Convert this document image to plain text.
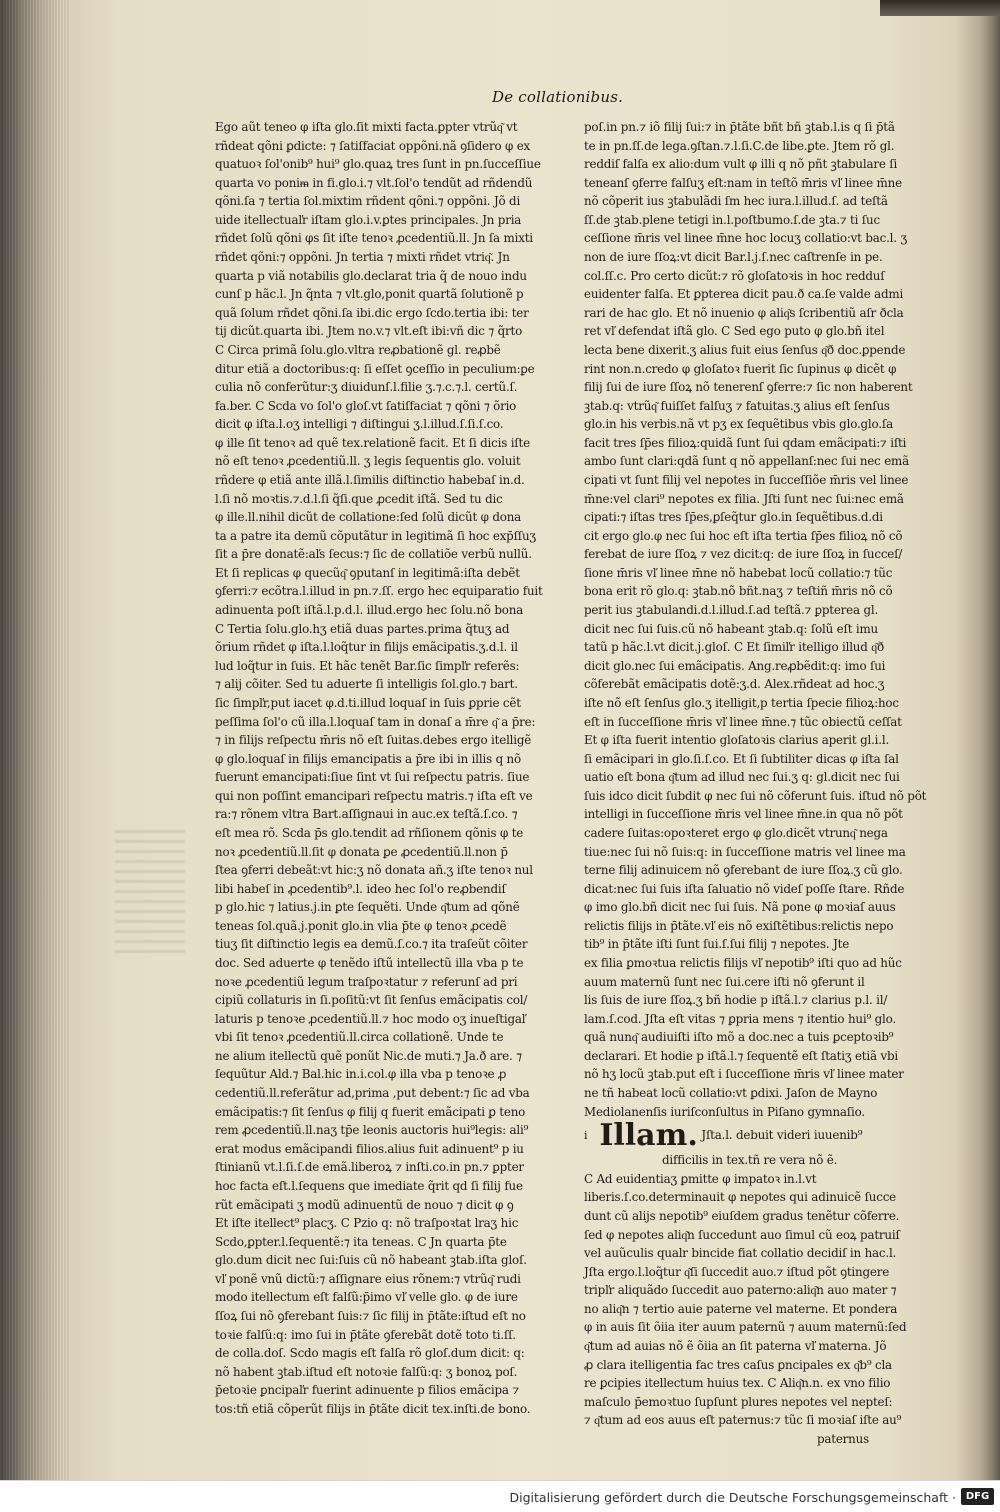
De collationibus.
Ego aũt teneo φ iſta glo.ſit mixti facta.ꝑpter vtrũq͂ vt
rñdeat qõni ꝑdicte: ⁊ ſatiſfaciat oppõni.nã ꝯſidero φ ex
quatuoꝛ ſol'onib⁹ hui⁹ glo.quaꝝ tres ſunt in pn.ſucceſſiue
quarta vo poniᵯ in fi.glo.i.⁊ vlt.ſol'o tendũt ad rñdendũ
qõni.ſa ⁊ tertia ſol.mixtim rñdent qõni.⁊ oppõni. Jõ di
uide itellectuaľr iſtam glo.i.v.ꝑtes principales. Jn pria
rñdet ſolũ qõni φs ſit iſte tenoꝛ ꝓcedentiũ.ll. Jn ſa mixti
rñdet qõni:⁊ oppõni. Jn tertia ⁊ mixti rñdet vtriq͂. Jn
quarta p viã notabilis glo.declarat tria q̃ de nouo indu
cunſ p hãc.l. Jn q̃nta ⁊ vlt.glo,ponit quartã ſolutionẽ p
quã ſolum rñdet qõni.ſa ibi.dic ergo ſcdo.tertia ibi: ter
tij dicũt.quarta ibi. Jtem no.v.⁊ vlt.eſt ibi:vñ dic ⁊ q̃rto
C Circa primã ſolu.glo.vltra reꝓbationẽ gl. reꝓbẽ
ditur etiã a doctoribus:q: ſi eſſet ꝯceſſio in peculium:ꝑe
culia nõ conferũtur:ʒ diuidunſ.l.filie ʒ.⁊.c.⁊.l. certũ.ſ.
fa.ber. C Scda vo ſol'o gloſ.vt ſatiſfaciat ⁊ qõni ⁊ õrio
dicit φ iſta.l.oʒ intelligi ⁊ diſtingui ʒ.l.illud.ſ.ſi.ſ.co.
φ ille ſit tenoꝛ ad quẽ tex.relationẽ facit. Et ſi dicis iſte
nõ eſt tenoꝛ ꝓcedentiũ.ll. ʒ legis ſequentis glo. voluit
rñdere φ etiã ante illã.l.ſimilis diſtinctio habebaſ in.d.
l.ſi nõ moꝛtis.⁊.d.l.ſi q̃ſi.que ꝓcedit iſtã. Sed tu dic
φ ille.ll.nihil dicũt de collatione:ſed ſolũ dicũt φ dona
ta a patre ita demũ cõputãtur in legitimã ſi hoc exp̄ſſuʒ
ſit a p̄re donatẽ:aľs ſecus:⁊ ſic de collatiõe verbũ nullũ.
Et ſi replicas φ quecũq͂ ꝯputanſ in legitimã:iſta debẽt
ꝯferri:⁊ ecõtra.l.illud in pn.⁊.ſſ. ergo hec equiparatio fuit
adinuenta poſt iſtã.l.p.d.l. illud.ergo hec ſolu.nõ bona
C Tertia ſolu.glo.hʒ etiã duas partes.prima q̃tuʒ ad
õrium rñdet φ iſta.l.loq̃tur in filijs emãcipatis.ʒ.d.l. il
lud loq̃tur in ſuis. Et hãc tenẽt Bar.ſic ſimpľr referẽs:
⁊ alij cõiter. Sed tu aduerte ſi intelligis ſol.glo.⁊ bart.
ſic ſimpľr,put iacet φ.d.ti.illud loquaſ in ſuis ꝑprie cẽt
peſſima ſol'o cũ illa.l.loquaſ tam in donaſ a m̄re q͂ a p̄re:
⁊ in filijs reſpectu m̄ris nõ eſt ſuitas.debes ergo itelligẽ
φ glo.loquaſ in filijs emancipatis a p̄re ibi in illis q nõ
fuerunt emancipati:ſiue ſint vt ſui reſpectu patris. ſiue
qui non poſſint emancipari reſpectu matris.⁊ iſta eſt ve
ra:⁊ rõnem vltra Bart.aſſignaui in auc.ex teſtã.ſ.co. ⁊
eſt mea rõ. Scda p̄s glo.tendit ad rñſionem qõnis φ te
noꝛ ꝓcedentiũ.ll.ſit φ donata ꝑe ꝓcedentiũ.ll.non p̄
ſtea ꝯferri debeãt:vt hic:ʒ nõ donata añ.ʒ iſte tenoꝛ nul
libi habeſ in ꝓcedentib⁹.l. ideo hec ſol'o reꝓbendiſ
p glo.hic ⁊ latius.j.in ꝑte ſequẽti. Unde q͂tum ad qõnẽ
teneas ſol.quã.j.ponit glo.in vlia p̄te φ tenoꝛ ꝓcedẽ
tiuʒ ſit diſtinctio legis ea demũ.ſ.co.⁊ ita traſeũt cõiter
doc. Sed aduerte φ tenẽdo iſtũ intellectũ illa vba p te
noꝛe ꝓcedentiũ legum traſpoꝛtatur ⁊ referunſ ad pri
cipiũ collaturis in ſi.poſitũ:vt ſit ſenſus emãcipatis col/
laturis p tenoꝛe ꝓcedentiũ.ll.⁊ hoc modo oʒ inueſtigaľ
vbi ſit tenoꝛ ꝓcedentiũ.ll.circa collationẽ. Unde te
ne alium itellectũ quẽ ponũt Nic.de muti.⁊ Ja.ð are. ⁊
ſequũtur Ald.⁊ Bal.hic in.i.col.φ illa vba p tenoꝛe ꝓ
cedentiũ.ll.referãtur ad,prima ,put debent:⁊ ſic ad vba
emãcipatis:⁊ ſit ſenſus φ filij q fuerit emãcipati ꝑ teno
rem ꝓcedentiũ.ll.naʒ tp̄e leonis auctoris hui⁹legis: ali⁹
erat modus emãcipandi filios.alius fuit adinuent⁹ p iu
ſtinianũ vt.l.ſi.ſ.de emã.liberoꝝ ⁊ inſti.co.in pn.⁊ ꝑpter
hoc facta eſt.l.ſequens que imediate q̃rit qd ſi filij fue
rũt emãcipati ʒ modũ adinuentũ de nouo ⁊ dicit φ ꝯ
Et iſte itellect⁹ placʒ. C Pzio q: nõ traſpoꝛtat lraʒ hic
Scdo,ꝑpter.l.ſequentẽ:⁊ ita teneas. C Jn quarta p̄te
glo.dum dicit nec ſui:ſuis cũ nõ habeant ꝫtab.iſta gloſ.
vľ ponẽ vnũ dictũ:⁊ aſſignare eius rõnem:⁊ vtrũq͂ rudi
modo itellectum eſt falſũ:p̄imo vľ velle glo. φ de iure
ſſoꝝ ſui nõ ꝯferebant ſuis:⁊ ſic filij in p̄tãte:iſtud eſt no
toꝛie falſũ:q: imo ſui in p̄tãte ꝯferebãt dotẽ toto ti.ſſ.
de colla.doſ. Scdo magis eſt falſa rõ gloſ.dum dicit: q:
nõ habent ꝫtab.iſtud eſt notoꝛie falſũ:q: ʒ bonoꝝ poſ.
p̄etoꝛie ꝑncipaľr fuerint adinuente p filios emãcipa ⁊
tos:tñ etiã cõperũt filijs in p̄tãte dicit tex.inſti.de bono.
poſ.in pn.⁊ iõ filij ſui:⁊ in p̄tãte bñt bñ ꝫtab.l.is q ſi p̄tã
te in pn.ſſ.de lega.ꝯſtan.⁊.l.ſi.C.de libe.ꝑte. Jtem rõ gl.
reddiſ falſa ex alio:dum vult φ illi q nõ pñt ꝫtabulare ſi
teneanſ ꝯferre falſuʒ eſt:nam in teſtõ m̄ris vľ linee m̄ne
nõ cõperit ius ꝫtabulãdi ſm hec iura.l.illud.ſ. ad teſtã
ſſ.de ꝫtab.plene tetigi in.l.poſtbumo.ſ.de ꝫta.⁊ ti ſuc
ceſſione m̄ris vel linee m̄ne hoc locuʒ collatio:vt bac.l. ʒ
non de iure ſſoꝝ:vt dicit Bar.l.j.ſ.nec caſtrenſe in pe.
col.ſſ.c. Pro certo dicũt:⁊ rõ gloſatoꝛis in hoc redduſ
euidenter falſa. Et ꝑpterea dicit pau.ð ca.ſe valde admi
rari de hac glo. Et nõ inuenio φ aliq͂s ſcribentiũ aſr ðcla
ret vľ defendat iſtã glo. C Sed ego puto φ glo.bñ itel
lecta bene dixerit.ʒ alius fuit eius ſenſus q͂ð doc.ꝑpende
rint non.n.credo φ gloſatoꝛ fuerit ſic ſupinus φ dicẽt φ
filij ſui de iure ſſoꝝ nõ tenerenſ ꝯferre:⁊ ſic non haberent
ꝫtab.q: vtrũq͂ fuiſſet falſuʒ ⁊ fatuitas.ʒ alius eſt ſenſus
glo.in his verbis.nã vt pʒ ex ſequẽtibus vbis glo.glo.ſa
facit tres ſp̄es filioꝝ:quidã ſunt ſui qdam emãcipati:⁊ iſti
ambo ſunt clari:qdã ſunt q nõ appellanſ:nec ſui nec emã
cipati vt ſunt filij vel nepotes in ſucceſſiõe m̄ris vel linee
m̄ne:vel clari⁹ nepotes ex filia. Jſti ſunt nec ſui:nec emã
cipati:⁊ iſtas tres ſp̄es,ꝑſeq̃tur glo.in ſequẽtibus.d.di
cit ergo glo.φ nec ſui hoc eſt iſta tertia ſp̄es filioꝝ nõ cõ
ferebat de iure ſſoꝝ ⁊ vez dicit:q: de iure ſſoꝝ in ſucceſ/
ſione m̄ris vľ linee m̄ne nõ habebat locũ collatio:⁊ tũc
bona erit rõ glo.q: ꝫtab.nõ bñt.naʒ ⁊ teſtiñ m̄ris nõ cõ
perit ius ꝫtabulandi.d.l.illud.ſ.ad teſtã.⁊ ꝑpterea gl.
dicit nec ſui ſuis.cũ nõ habeant ꝫtab.q: ſolũ eſt imu
tatũ p hãc.l.vt dicit.j.gloſ. C Et ſimiľr itelligo illud q͂ð
dicit glo.nec ſui emãcipatis. Ang.reꝓbẽdit:q: imo ſui
cõferebãt emãcipatis dotẽ:ʒ.d. Alex.rñdeat ad hoc.ʒ
iſte nõ eſt ſenſus glo.ʒ itelligit,p tertia ſpecie filioꝝ:hoc
eſt in ſucceſſione m̄ris vľ linee m̄ne.⁊ tũc obiectũ ceſſat
Et φ iſta fuerit intentio gloſatoꝛis clarius aperit gl.i.l.
ſi emãcipari in glo.ſi.ſ.co. Et ſi ſubtiliter dicas φ iſta ſal
uatio eſt bona q͂tum ad illud nec ſui.ʒ q: gl.dicit nec ſui
ſuis idco dicit ſubdit φ nec ſui nõ cõferunt ſuis. iſtud nõ põt
intelligi in ſucceſſione m̄ris vel linee m̄ne.in qua nõ põt
cadere ſuitas:opoꝛteret ergo φ glo.dicẽt vtrunq͂ nega
tiue:nec ſui nõ ſuis:q: in ſucceſſione matris vel linee ma
terne filij adinuicem nõ ꝯferebant de iure ſſoꝝ.ʒ cũ glo.
dicat:nec ſui ſuis iſta ſaluatio nõ videſ poſſe ſtare. Rñde
φ imo glo.bñ dicit nec ſui ſuis. Nã pone φ moꝛiaſ auus
relictis filijs in p̄tãte.vľ eis nõ exiſtẽtibus:relictis nepo
tib⁹ in p̄tãte iſti ſunt ſui.ſ.ſui filij ⁊ nepotes. Jte
ex filia ꝑmoꝛtua relictis filijs vľ nepotib⁹ iſti quo ad hũc
auum maternũ ſunt nec ſui.cere iſti nõ ꝯferunt il
lis ſuis de iure ſſoꝝ.ʒ bñ hodie p iſtã.l.⁊ clarius p.l. il/
lam.ſ.cod. Jſta eſt vitas ⁊ ꝑpria mens ⁊ itentio hui⁹ glo.
quã nunq͂ audiuiſti iſto mõ a doc.nec a tuis ꝑceptoꝛib⁹
declarari. Et hodie p iſtã.l.⁊ ſequentẽ eſt ſtatiʒ etiã vbi
nõ hʒ locũ ꝫtab.put eſt i ſucceſſione m̄ris vľ linee mater
ne tñ habeat locũ collatio:vt ꝑdixi. Jaſon de Mayno
Mediolanenſis iuriſconſultus in Piſano gymnaſio.
i Illam. Jſta.l. debuit videri iuuenib⁹
difficilis in tex.tñ re vera nõ ẽ.
C Ad euidentiaʒ ꝑmitte φ impatoꝛ in.l.vt
liberis.ſ.co.determinauit φ nepotes qui adinuicẽ ſucce
dunt cũ alijs nepotib⁹ eiuſdem gradus tenẽtur cõferre.
ſed φ nepotes aliq͂n ſuccedunt auo ſimul cũ eoꝝ patruiſ
vel auũculis qualr bincide fiat collatio decidiſ in hac.l.
Jſta ergo.l.loq̃tur q͂ſi ſuccedit auo.⁊ iſtud põt ꝯtingere
tripľr aliquãdo ſuccedit auo paterno:aliq͂n auo mater ⁊
no aliq͂n ⁊ tertio auie paterne vel materne. Et pondera
φ in auis ſit õiia iter auum paternũ ⁊ auum maternũ:ſed
q͂tum ad auias nõ ẽ õiia an ſit paterna vľ materna. Jõ
ꝓ clara itelligentia fac tres caſus ꝑncipales ex q͂b⁹ cla
re ꝑcipies itellectum huius tex. C Aliq͂n.n. ex vno filio
maſculo p̄emoꝛtuo ſupſunt plures nepotes vel nepteſ:
⁊ q͂tum ad eos auus eſt paternus:⁊ tũc ſi moꝛiaſ iſte au⁹
paternus
Digitalisierung gefördert durch die Deutsche Forschungsgemeinschaft · DFG
